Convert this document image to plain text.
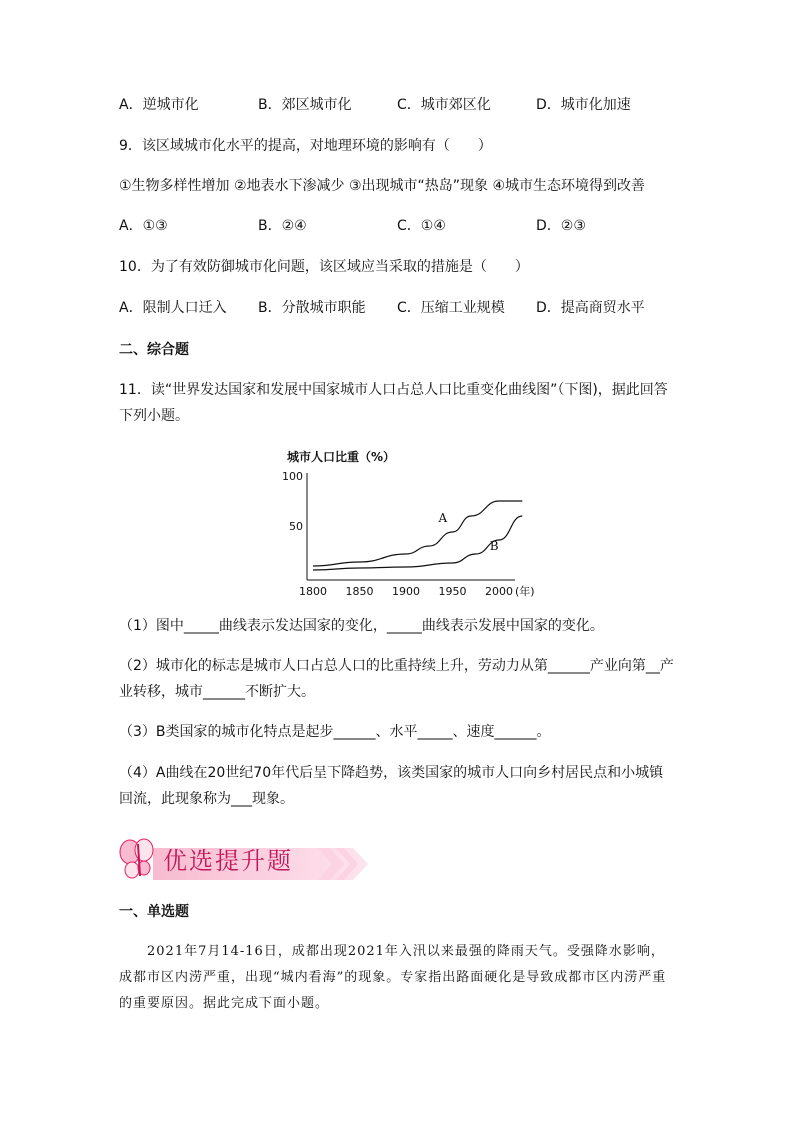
A．逆城市化	B．郊区城市化	C．城市郊区化	D．城市化加速
9．该区域城市化水平的提高，对地理环境的影响有（　　）
①生物多样性增加 ②地表水下渗减少 ③出现城市“热岛”现象 ④城市生态环境得到改善
A．①③	B．②④	C．①④	D．②③
10．为了有效防御城市化问题，该区域应当采取的措施是（　　）
A．限制人口迁入 B．分散城市职能 C．压缩工业规模 D．提高商贸水平
二、综合题
11．读“世界发达国家和发展中国家城市人口占总人口比重变化曲线图”（下图)，据此回答
下列小题。
城市人口比重（%）
1800 1850 1900 1950 2000 (年)
50
100
A
B
（1）图中_____曲线表示发达国家的变化，_____曲线表示发展中国家的变化。
（2）城市化的标志是城市人口占总人口的比重持续上升，劳动力从第______产业向第__产
业转移，城市______不断扩大。
（3）B类国家的城市化特点是起步______、水平_____、速度______。
（4）A曲线在20世纪70年代后呈下降趋势，该类国家的城市人口向乡村居民点和小城镇
回流，此现象称为___现象。
优选提升题
一、单选题
　　2021年7月14-16日，成都出现2021年入汛以来最强的降雨天气。受强降水影响，
成都市区内涝严重，出现“城内看海”的现象。专家指出路面硬化是导致成都市区内涝严重
的重要原因。据此完成下面小题。
